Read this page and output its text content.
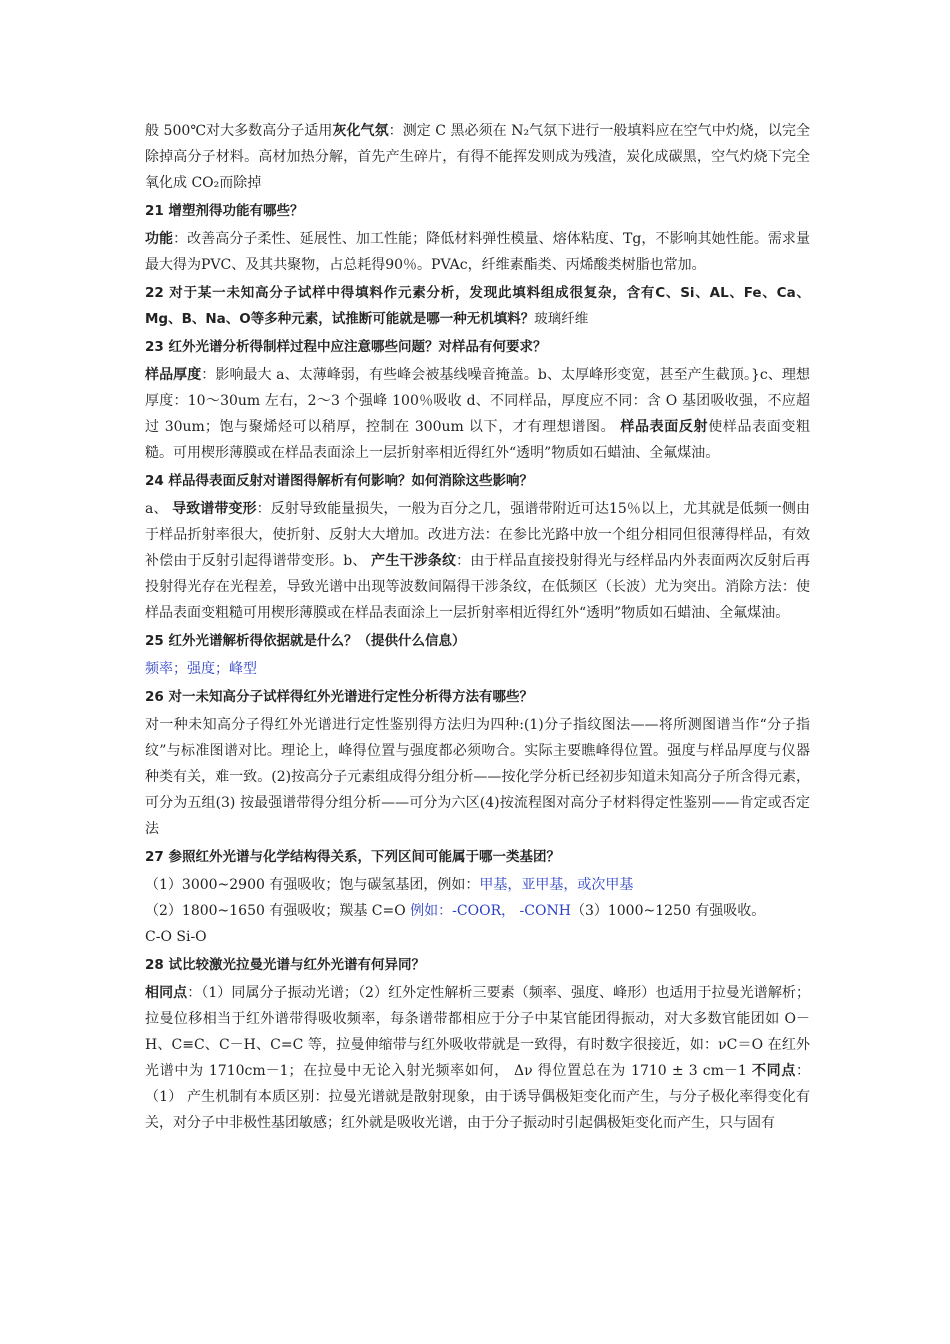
般 500℃对大多数高分子适用灰化气氛：测定 C 黑必须在 N₂气氛下进行一般填料应在空气中灼烧，以完全除掉高分子材料。高材加热分解，首先产生碎片，有得不能挥发则成为残渣，炭化成碳黑，空气灼烧下完全氧化成 CO₂而除掉

21 增塑剂得功能有哪些？

功能：改善高分子柔性、延展性、加工性能；降低材料弹性模量、熔体粘度、Tg，不影响其她性能。需求量最大得为PVC、及其共聚物，占总耗得90％。PVAc，纤维素酯类、丙烯酸类树脂也常加。

22 对于某一未知高分子试样中得填料作元素分析，发现此填料组成很复杂，含有C、Si、AL、Fe、Ca、Mg、B、Na、O等多种元素，试推断可能就是哪一种无机填料？玻璃纤维

23 红外光谱分析得制样过程中应注意哪些问题？对样品有何要求？

样品厚度：影响最大 a、太薄峰弱，有些峰会被基线噪音掩盖。b、太厚峰形变宽，甚至产生截顶。}c、理想厚度：10～30um 左右，2～3 个强峰 100％吸收 d、不同样品，厚度应不同：含 O 基团吸收强，不应超过 30um；饱与聚烯烃可以稍厚，控制在 300um 以下，才有理想谱图。 样品表面反射使样品表面变粗糙。可用楔形薄膜或在样品表面涂上一层折射率相近得红外“透明”物质如石蜡油、全氟煤油。

24 样品得表面反射对谱图得解析有何影响？如何消除这些影响？

a、 导致谱带变形：反射导致能量损失，一般为百分之几，强谱带附近可达15％以上，尤其就是低频一侧由于样品折射率很大，使折射、反射大大增加。改进方法：在参比光路中放一个组分相同但很薄得样品，有效补偿由于反射引起得谱带变形。b、 产生干涉条纹：由于样品直接投射得光与经样品内外表面两次反射后再投射得光存在光程差，导致光谱中出现等波数间隔得干涉条纹，在低频区（长波）尤为突出。消除方法：使样品表面变粗糙可用楔形薄膜或在样品表面涂上一层折射率相近得红外“透明”物质如石蜡油、全氟煤油。

25 红外光谱解析得依据就是什么？（提供什么信息）

频率；强度；峰型

26 对一未知高分子试样得红外光谱进行定性分析得方法有哪些？

对一种未知高分子得红外光谱进行定性鉴别得方法归为四种:(1)分子指纹图法——将所测图谱当作“分子指纹”与标准图谱对比。理论上，峰得位置与强度都必须吻合。实际主要瞧峰得位置。强度与样品厚度与仪器种类有关，难一致。(2)按高分子元素组成得分组分析——按化学分析已经初步知道未知高分子所含得元素，可分为五组(3) 按最强谱带得分组分析——可分为六区(4)按流程图对高分子材料得定性鉴别——肯定或否定法

27 参照红外光谱与化学结构得关系，下列区间可能属于哪一类基团？

（1）3000~2900 有强吸收；饱与碳氢基团，例如：甲基，亚甲基，或次甲基

（2）1800~1650 有强吸收；羰基 C=O 例如：-COOR， -CONH（3）1000~1250 有强吸收。

C-O Si-O

28 试比较激光拉曼光谱与红外光谱有何异同？

相同点：（1）同属分子振动光谱；（2）红外定性解析三要素（频率、强度、峰形）也适用于拉曼光谱解析；拉曼位移相当于红外谱带得吸收频率，每条谱带都相应于分子中某官能团得振动，对大多数官能团如 O－H、C≡C、C－H、C=C 等，拉曼伸缩带与红外吸收带就是一致得，有时数字很接近，如：νC＝O 在红外光谱中为 1710cm－1；在拉曼中无论入射光频率如何， Δν 得位置总在为 1710 ± 3 cm－1 不同点：（1） 产生机制有本质区别：拉曼光谱就是散射现象，由于诱导偶极矩变化而产生，与分子极化率得变化有关，对分子中非极性基团敏感；红外就是吸收光谱，由于分子振动时引起偶极矩变化而产生，只与固有
